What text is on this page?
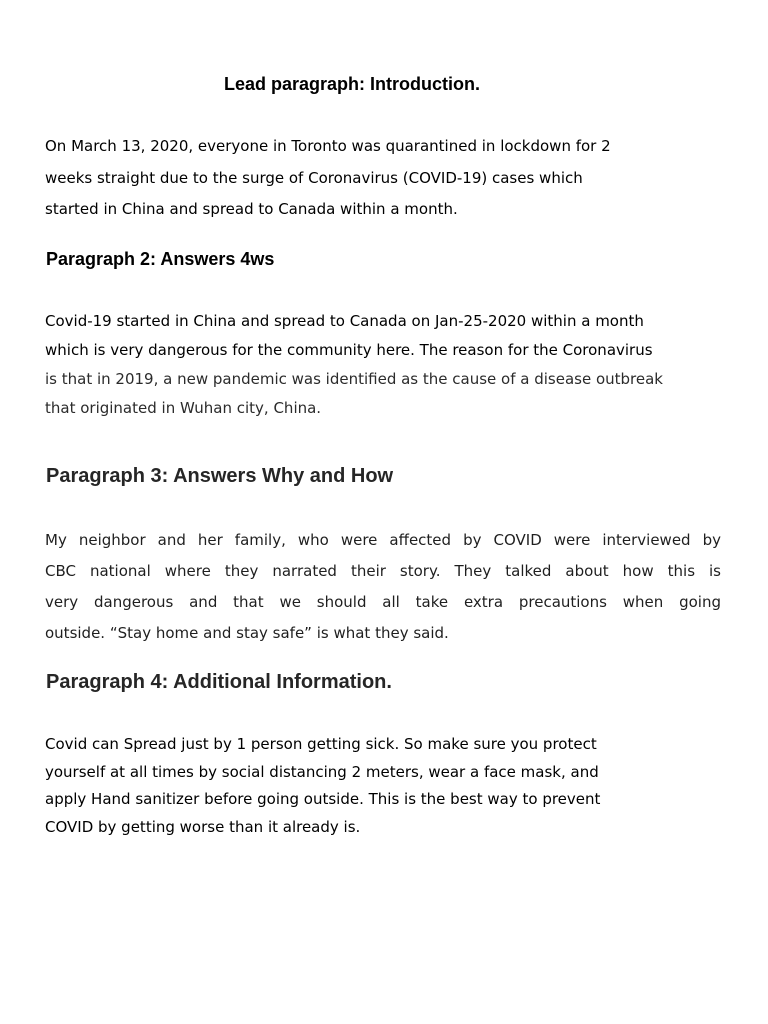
Lead paragraph: Introduction.
On March 13, 2020, everyone in Toronto was quarantined in lockdown for 2
weeks straight due to the surge of Coronavirus (COVID-19) cases which
started in China and spread to Canada within a month.
Paragraph 2: Answers 4ws
Covid-19 started in China and spread to Canada on Jan-25-2020 within a month
which is very dangerous for the community here. The reason for the Coronavirus
is that in 2019, a new pandemic was identified as the cause of a disease outbreak
that originated in Wuhan city, China.
Paragraph 3: Answers Why and How
My neighbor and her family, who were affected by COVID were interviewed by
CBC national where they narrated their story. They talked about how this is
very dangerous and that we should all take extra precautions when going
outside. “Stay home and stay safe” is what they said.
Paragraph 4: Additional Information.
Covid can Spread just by 1 person getting sick. So make sure you protect
yourself at all times by social distancing 2 meters, wear a face mask, and
apply Hand sanitizer before going outside. This is the best way to prevent
COVID by getting worse than it already is.
